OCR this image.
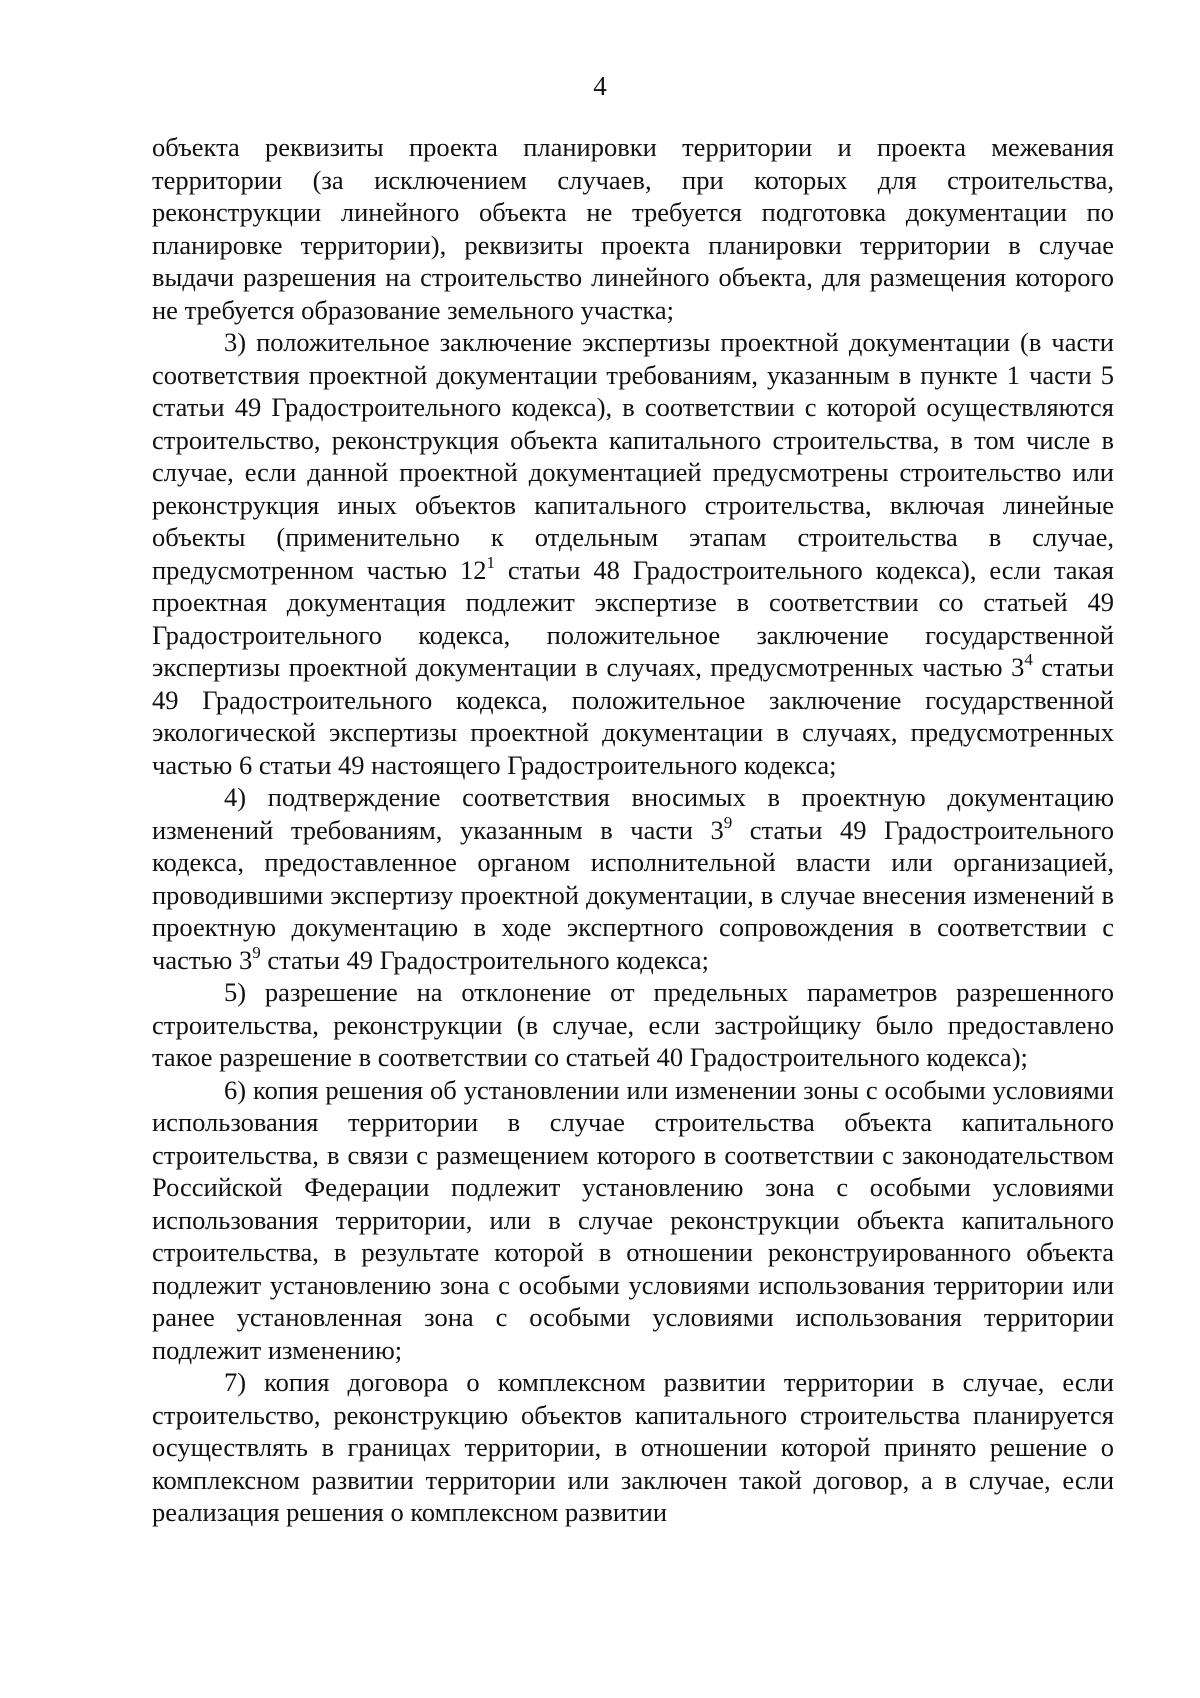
4

объекта реквизиты проекта планировки территории и проекта межевания территории (за исключением случаев, при которых для строительства, реконструкции линейного объекта не требуется подготовка документации по планировке территории), реквизиты проекта планировки территории в случае выдачи разрешения на строительство линейного объекта, для размещения которого не требуется образование земельного участка;

3) положительное заключение экспертизы проектной документации (в части соответствия проектной документации требованиям, указанным в пункте 1 части 5 статьи 49 Градостроительного кодекса), в соответствии с которой осуществляются строительство, реконструкция объекта капитального строительства, в том числе в случае, если данной проектной документацией предусмотрены строительство или реконструкция иных объектов капитального строительства, включая линейные объекты (применительно к отдельным этапам строительства в случае, предусмотренном частью $12^1$ статьи 48 Градостроительного кодекса), если такая проектная документация подлежит экспертизе в соответствии со статьей 49 Градостроительного кодекса, положительное заключение государственной экспертизы проектной документации в случаях, предусмотренных частью $3^4$ статьи 49 Градостроительного кодекса, положительное заключение государственной экологической экспертизы проектной документации в случаях, предусмотренных частью 6 статьи 49 настоящего Градостроительного кодекса;

4) подтверждение соответствия вносимых в проектную документацию изменений требованиям, указанным в части $3^9$ статьи 49 Градостроительного кодекса, предоставленное органом исполнительной власти или организацией, проводившими экспертизу проектной документации, в случае внесения изменений в проектную документацию в ходе экспертного сопровождения в соответствии с частью $3^9$ статьи 49 Градостроительного кодекса;

5) разрешение на отклонение от предельных параметров разрешенного строительства, реконструкции (в случае, если застройщику было предоставлено такое разрешение в соответствии со статьей 40 Градостроительного кодекса);

6) копия решения об установлении или изменении зоны с особыми условиями использования территории в случае строительства объекта капитального строительства, в связи с размещением которого в соответствии с законодательством Российской Федерации подлежит установлению зона с особыми условиями использования территории, или в случае реконструкции объекта капитального строительства, в результате которой в отношении реконструированного объекта подлежит установлению зона с особыми условиями использования территории или ранее установленная зона с особыми условиями использования территории подлежит изменению;

7) копия договора о комплексном развитии территории в случае, если строительство, реконструкцию объектов капитального строительства планируется осуществлять в границах территории, в отношении которой принято решение о комплексном развитии территории или заключен такой договор, а в случае, если реализация решения о комплексном развитии
